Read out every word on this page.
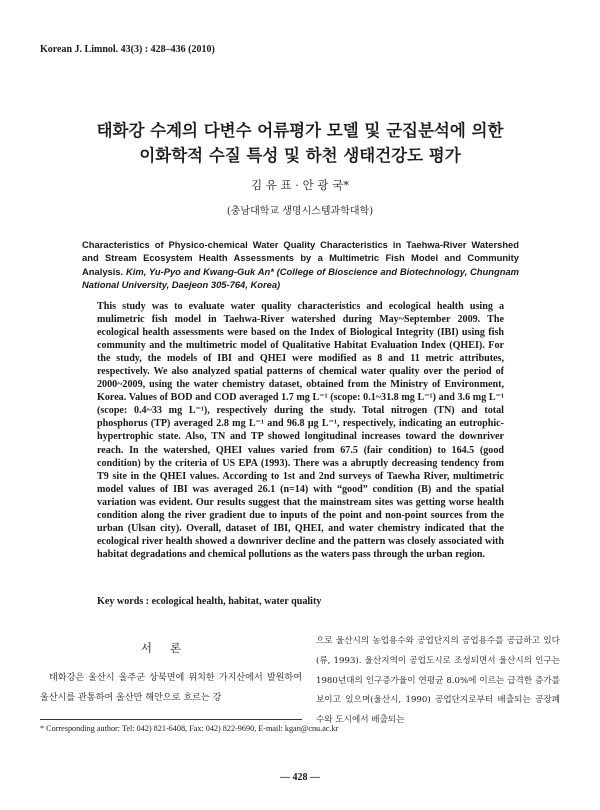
Korean J. Limnol. 43(3) : 428–436 (2010)
태화강 수계의 다변수 어류평가 모델 및 군집분석에 의한
이화학적 수질 특성 및 하천 생태건강도 평가
김 유 표 · 안 광 국*
(충남대학교 생명시스템과학대학)
Characteristics of Physico-chemical Water Quality Characteristics in Taehwa-River Watershed and Stream Ecosystem Health Assessments by a Multimetric Fish Model and Community Analysis. Kim, Yu-Pyo and Kwang-Guk An* (College of Bioscience and Biotechnology, Chungnam National University, Daejeon 305-764, Korea)
This study was to evaluate water quality characteristics and ecological health using a mulimetric fish model in Taehwa-River watershed during May~September 2009. The ecological health assessments were based on the Index of Biological Integrity (IBI) using fish community and the multimetric model of Qualitative Habitat Evaluation Index (QHEI). For the study, the models of IBI and QHEI were modified as 8 and 11 metric attributes, respectively. We also analyzed spatial patterns of chemical water quality over the period of 2000~2009, using the water chemistry dataset, obtained from the Ministry of Environment, Korea. Values of BOD and COD averaged 1.7 mg L⁻¹ (scope: 0.1~31.8 mg L⁻¹) and 3.6 mg L⁻¹ (scope: 0.4~33 mg L⁻¹), respectively during the study. Total nitrogen (TN) and total phosphorus (TP) averaged 2.8 mg L⁻¹ and 96.8 μg L⁻¹, respectively, indicating an eutrophic-hypertrophic state. Also, TN and TP showed longitudinal increases toward the downriver reach. In the watershed, QHEI values varied from 67.5 (fair condition) to 164.5 (good condition) by the criteria of US EPA (1993). There was a abruptly decreasing tendency from T9 site in the QHEI values. According to 1st and 2nd surveys of Taewha River, multimetric model values of IBI was averaged 26.1 (n=14) with “good” condition (B) and the spatial variation was evident. Our results suggest that the mainstream sites was getting worse health condition along the river gradient due to inputs of the point and non-point sources from the urban (Ulsan city). Overall, dataset of IBI, QHEI, and water chemistry indicated that the ecological river health showed a downriver decline and the pattern was closely associated with habitat degradations and chemical pollutions as the waters pass through the urban region.
Key words : ecological health, habitat, water quality
서론

태화강은 울산시 울주군 상북면에 위치한 가지산에서 발원하여 울산시를 관통하여 울산만 해안으로 흐르는 강

으로 울산시의 농업용수와 공업단지의 공업용수를 공급하고 있다(류, 1993). 울산지역이 공업도시로 조성되면서 울산시의 인구는 1980년대의 인구증가율이 연평균 8.0%에 이르는 급격한 증가를 보이고 있으며(울산시, 1990) 공업단지로부터 배출되는 공장폐수와 도시에서 배출되는

* Corresponding author: Tel: 042) 821-6408, Fax: 042) 822-9690, E-mail: kgan@cnu.ac.kr
— 428 —
